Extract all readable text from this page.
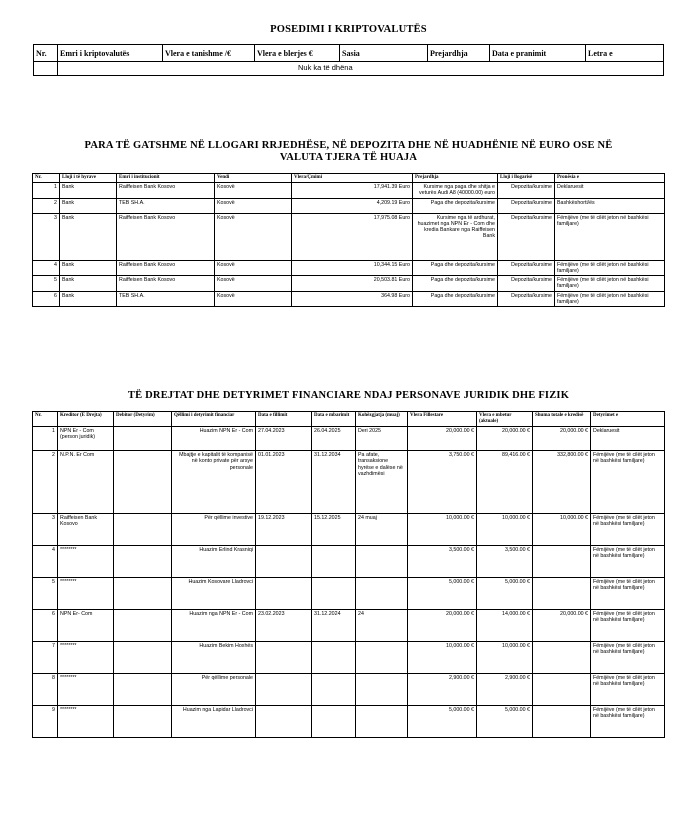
POSEDIMI I KRIPTOVALUTËS
Nr.	Emri i kriptovalutës	Vlera e tanishme /€	Vlera e blerjes €	Sasia	Prejardhja	Data e pranimit	Letra e
	Nuk ka të dhëna						
PARA TË GATSHME NË LLOGARI RRJEDHËSE, NË DEPOZITA DHE NË HUADHËNIE NË EURO OSE NË
VALUTA TJERA TË HUAJA
Nr.	Lloji i të hyrave	Emri i institucionit	Vendi	Vlera/Çmimi	Prejardhja	Lloji i llogarisë	Pronësia e
1	Bank	Raiffeisen Bank Kosovo	Kosovë	17,941.39 Euro	Kursime nga paga dhe shitja e veturës Audi A8 (40000.00) euro	Depozita/kursime	Deklaruesit
2	Bank	TEB SH.A.	Kosovë	4,209.19 Euro	Paga dhe depozita/kursime	Depozita/kursime	Bashkëshorti/ës
3	Bank	Raiffeisen Bank Kosovo	Kosovë	17,975.08 Euro	Kursime nga të ardhurat, huazimet nga NPN Er - Com dhe kredia Bankare nga Raiffeisen Bank	Depozita/kursime	Fëmijëve (me të cilët jeton në bashkësi familjare)
4	Bank	Raiffeisen Bank Kosovo	Kosovë	10,344.15 Euro	Paga dhe depozita/kursime	Depozita/kursime	Fëmijëve (me të cilët jeton në bashkësi familjare)
5	Bank	Raiffeisen Bank Kosovo	Kosovë	20,503.81 Euro	Paga dhe depozita/kursime	Depozita/kursime	Fëmijëve (me të cilët jeton në bashkësi familjare)
6	Bank	TEB SH.A.	Kosovë	364.98 Euro	Paga dhe depozita/kursime	Depozita/kursime	Fëmijëve (me të cilët jeton në bashkësi familjare)
TË DREJTAT DHE DETYRIMET FINANCIARE NDAJ PERSONAVE JURIDIK DHE FIZIK
Nr.	Kreditor (E Drejta)	Debitor (Detyrim)	Qëllimi i detyrimit financiar	Data e fillimit	Data e mbarimit	Kohëzgjatja (muaj)	Vlera Fillestare	Vlera e mbetur (aktuale)	Shuma totale e kredisë	Detyrimet e
1	NPN Er - Com (person juridik)		Huazim NPN Er - Com	27.04.2023	26.04.2025	Deri 2025	20,000.00 €	20,000.00 €	20,000.00 €	Deklaruesit
2	N.P.N. Er Com		Mbajtje e kapitalit të kompanisë në konto private për arsye personale	01.01.2023	31.12.2034	Pa afate, transaksione hyrëse e dalëse në vazhdimësi	3,750.00 €	89,416.00 €	332,800.00 €	Fëmijëve (me të cilët jeton në bashkësi familjare)
3	Raiffeisen Bank Kosovo		Për qëllime investive	19.12.2023	15.12.2025	24 muaj	10,000.00 €	10,000.00 €	10,000.00 €	Fëmijëve (me të cilët jeton në bashkësi familjare)
4	********		Huazim Erlind Krasniqi				3,500.00 €	3,500.00 €		Fëmijëve (me të cilët jeton në bashkësi familjare)
5	********		Huazim Kosovare Lladrovci				5,000.00 €	5,000.00 €		Fëmijëve (me të cilët jeton në bashkësi familjare)
6	NPN Er- Com		Huazim nga NPN Er - Com	23.02.2023	31.12.2024	24	20,000.00 €	14,000.00 €	20,000.00 €	Fëmijëve (me të cilët jeton në bashkësi familjare)
7	********		Huazim Bekim Hoxhës				10,000.00 €	10,000.00 €		Fëmijëve (me të cilët jeton në bashkësi familjare)
8	********		Për qëllime personale				2,900.00 €	2,900.00 €		Fëmijëve (me të cilët jeton në bashkësi familjare)
9	********		Huazim nga Lapidar Lladrovci				5,000.00 €	5,000.00 €		Fëmijëve (me të cilët jeton në bashkësi familjare)
